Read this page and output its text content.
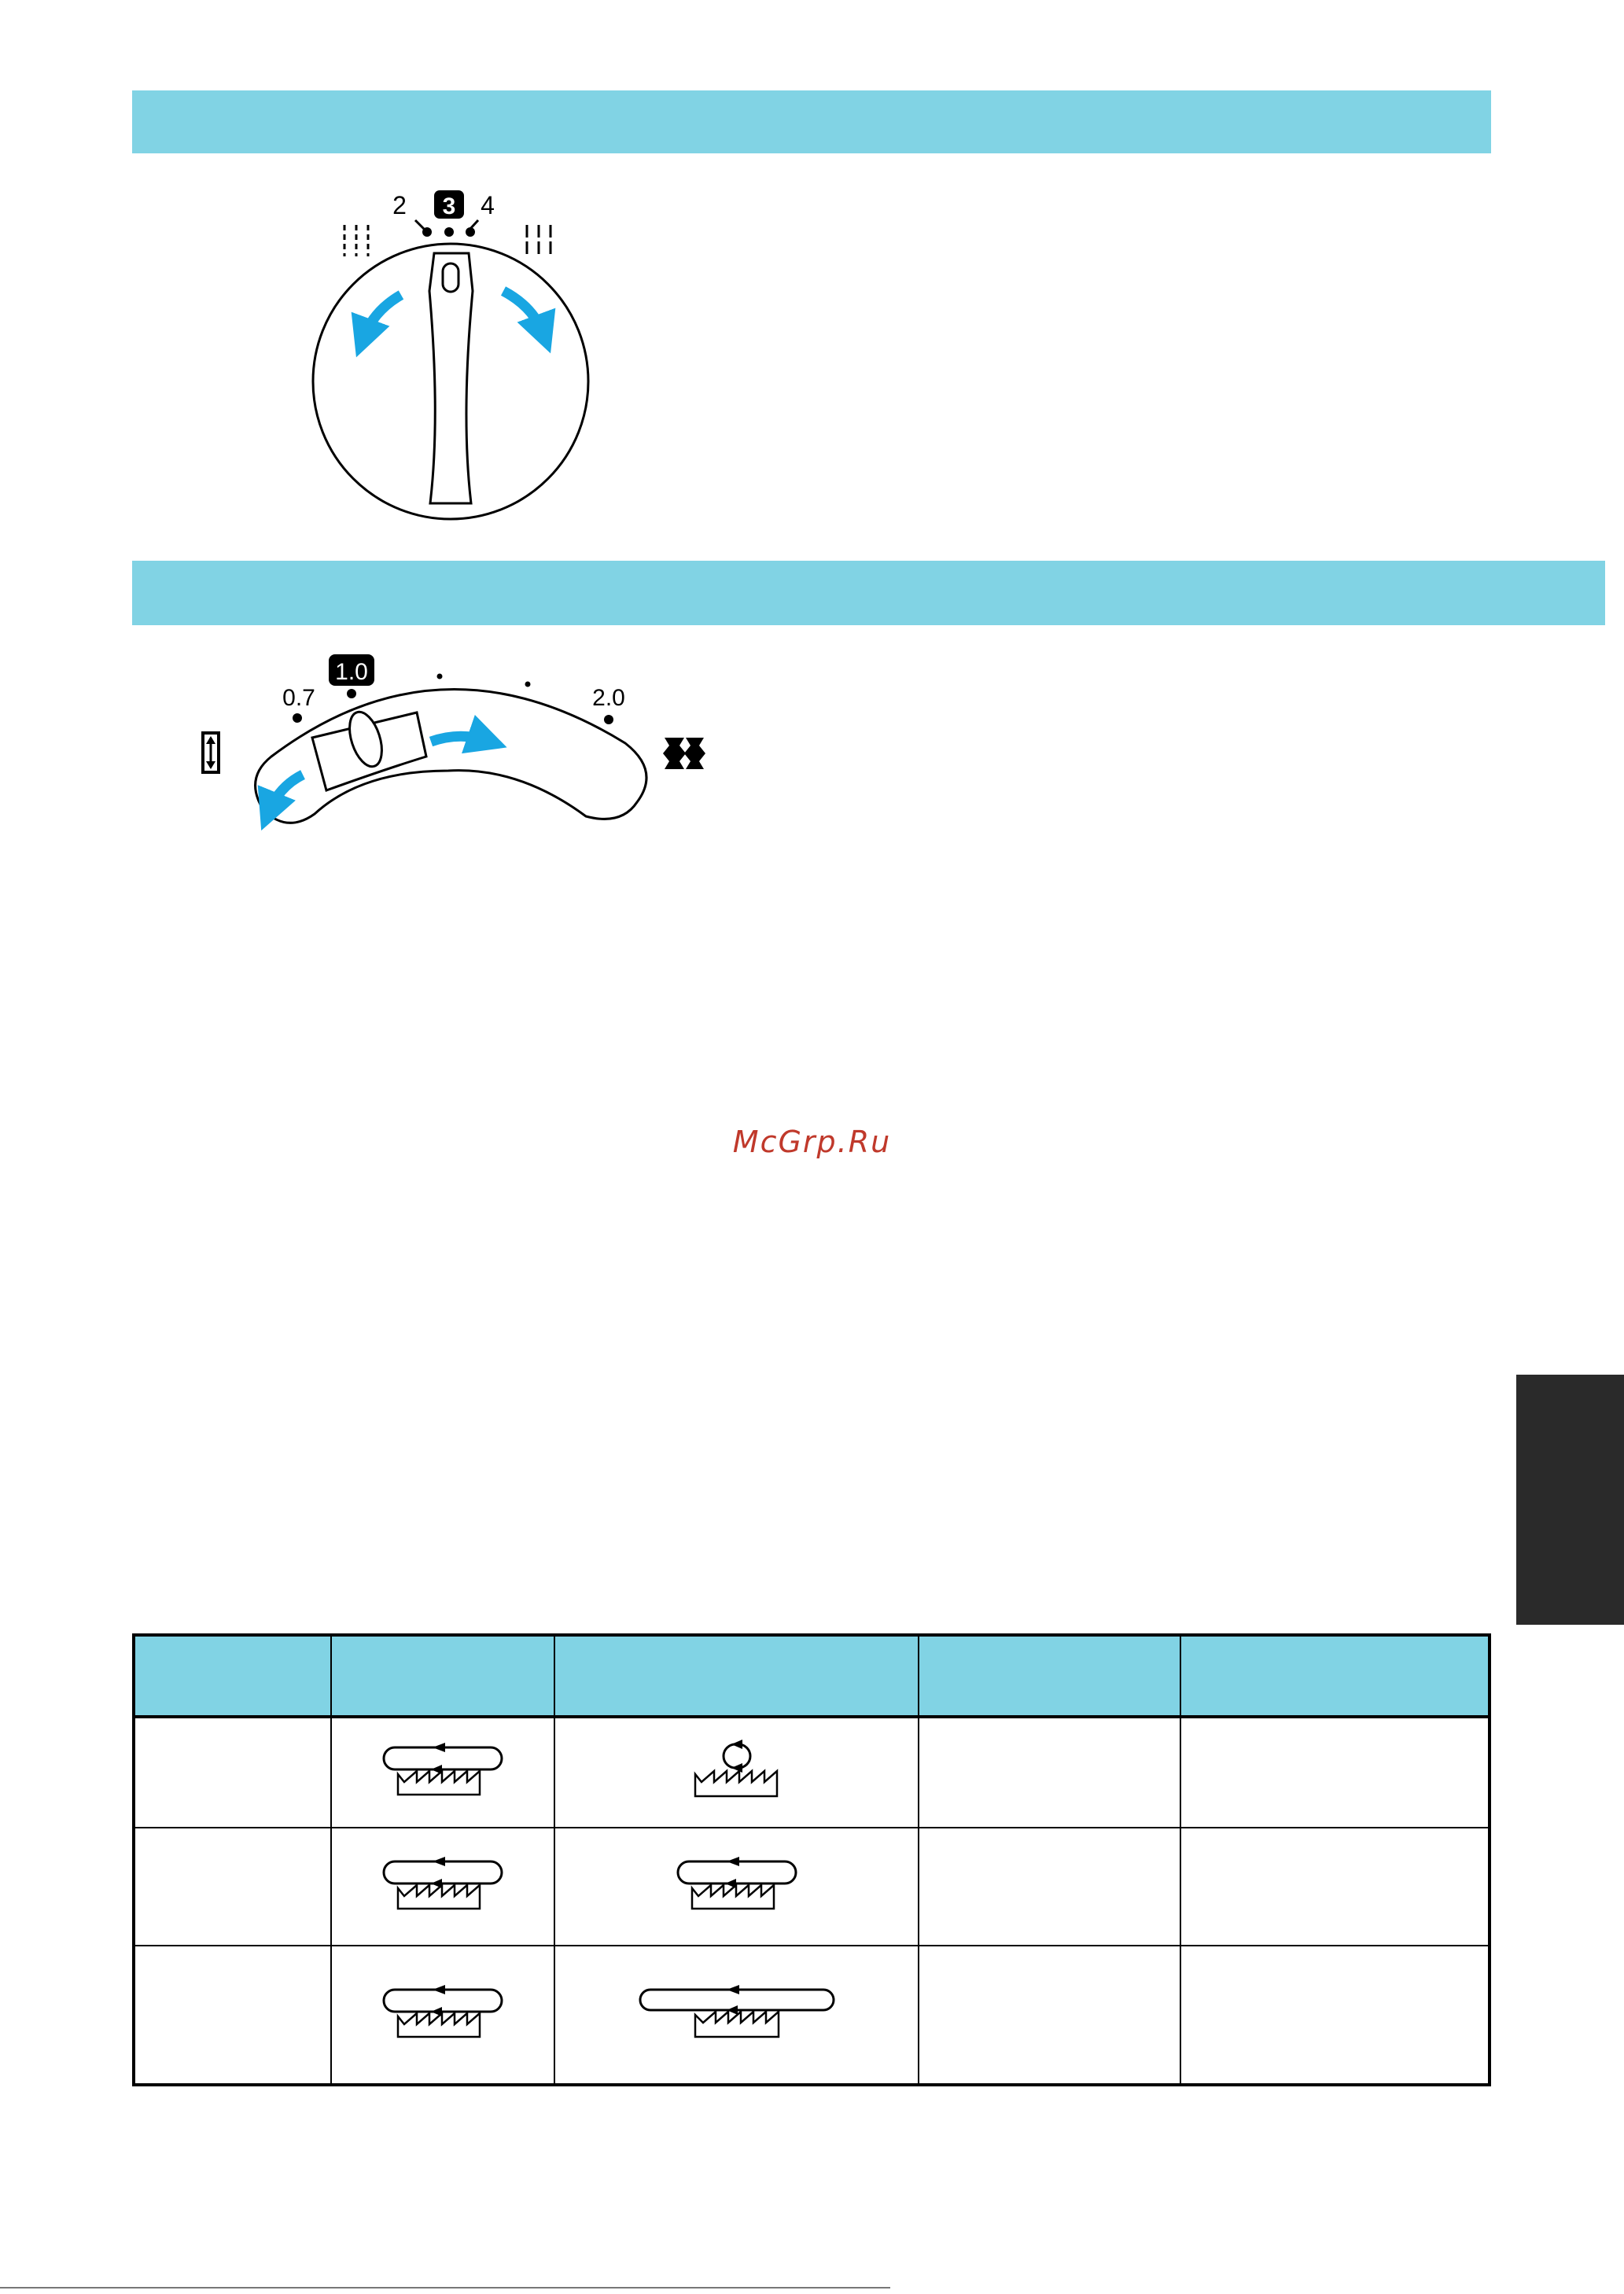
2 3 4
1.0
0.7	2.0
McGrp.Ru
